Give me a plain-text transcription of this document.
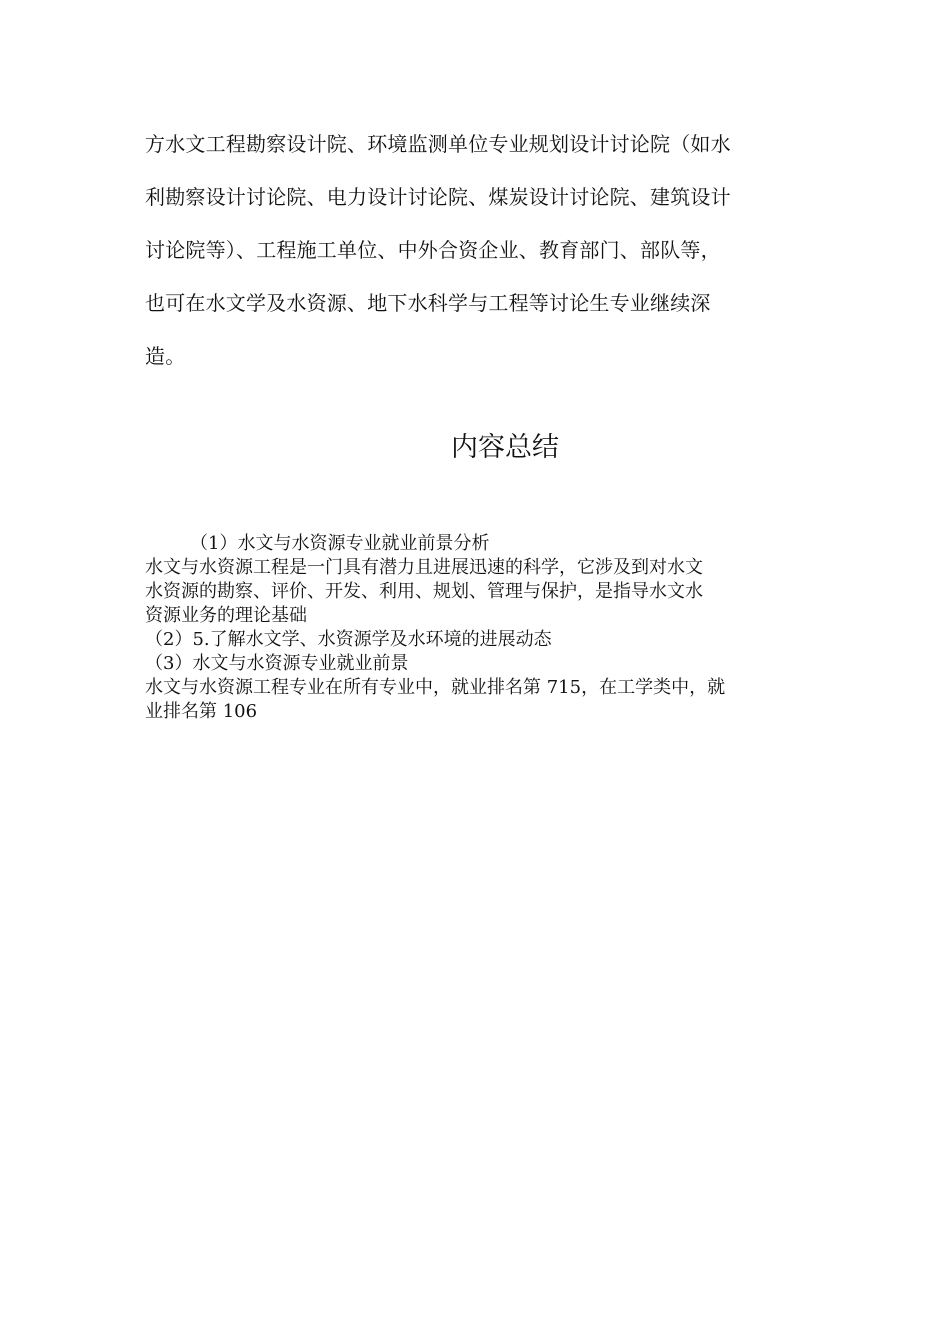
方水文工程勘察设计院、环境监测单位专业规划设计讨论院（如水
利勘察设计讨论院、电力设计讨论院、煤炭设计讨论院、建筑设计
讨论院等）、工程施工单位、中外合资企业、教育部门、部队等，
也可在水文学及水资源、地下水科学与工程等讨论生专业继续深
造。
内容总结
（1）水文与水资源专业就业前景分析
水文与水资源工程是一门具有潜力且进展迅速的科学，它涉及到对水文
水资源的勘察、评价、开发、利用、规划、管理与保护，是指导水文水
资源业务的理论基础
（2）5.了解水文学、水资源学及水环境的进展动态
（3）水文与水资源专业就业前景
水文与水资源工程专业在所有专业中，就业排名第 715，在工学类中，就
业排名第 106
